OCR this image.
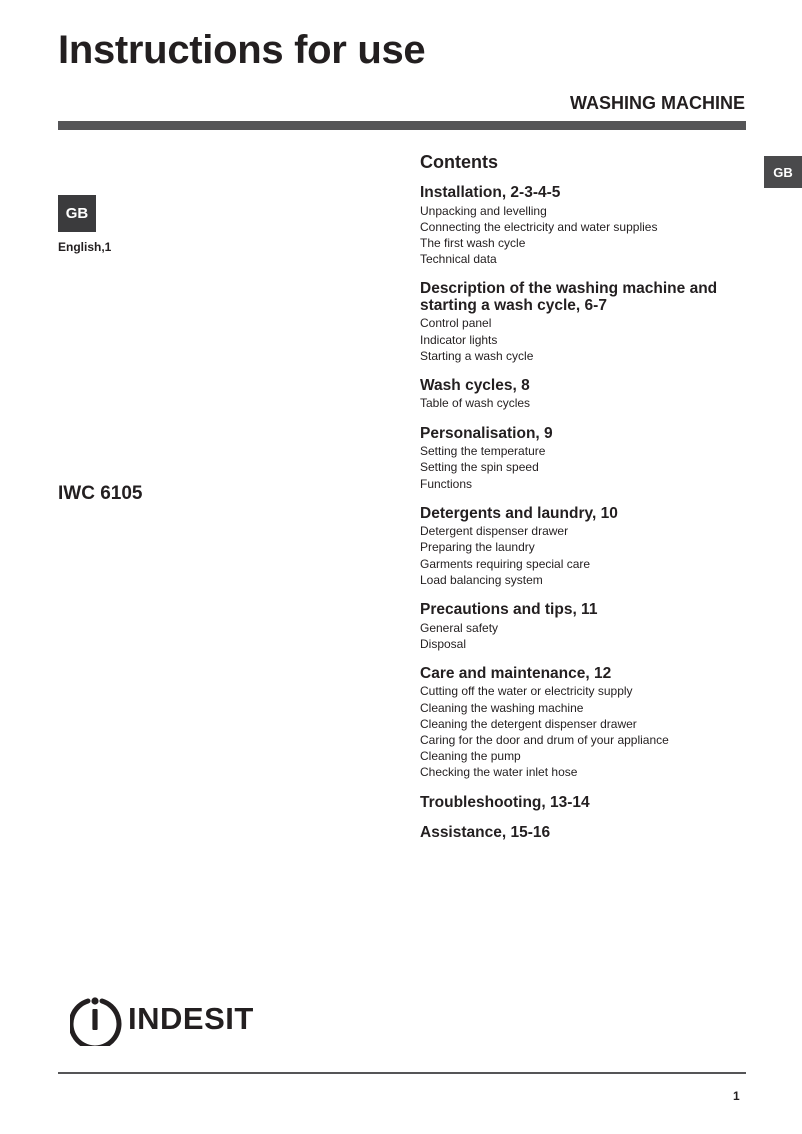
Instructions for use
WASHING MACHINE
GB
GB
English,1
IWC 6105
Contents
Installation, 2-3-4-5
Unpacking and levelling
Connecting the electricity and water supplies
The first wash cycle
Technical data
Description of the washing machine and starting a wash cycle, 6-7
Control panel
Indicator lights
Starting a wash cycle
Wash cycles, 8
Table of wash cycles
Personalisation, 9
Setting the temperature
Setting the spin speed
Functions
Detergents and laundry, 10
Detergent dispenser drawer
Preparing the laundry
Garments requiring special care
Load balancing system
Precautions and tips, 11
General safety
Disposal
Care and maintenance, 12
Cutting off the water or electricity supply
Cleaning the washing machine
Cleaning the detergent dispenser drawer
Caring for the door and drum of your appliance
Cleaning the pump
Checking the water inlet hose
Troubleshooting, 13-14
Assistance, 15-16
INDESIT
1
